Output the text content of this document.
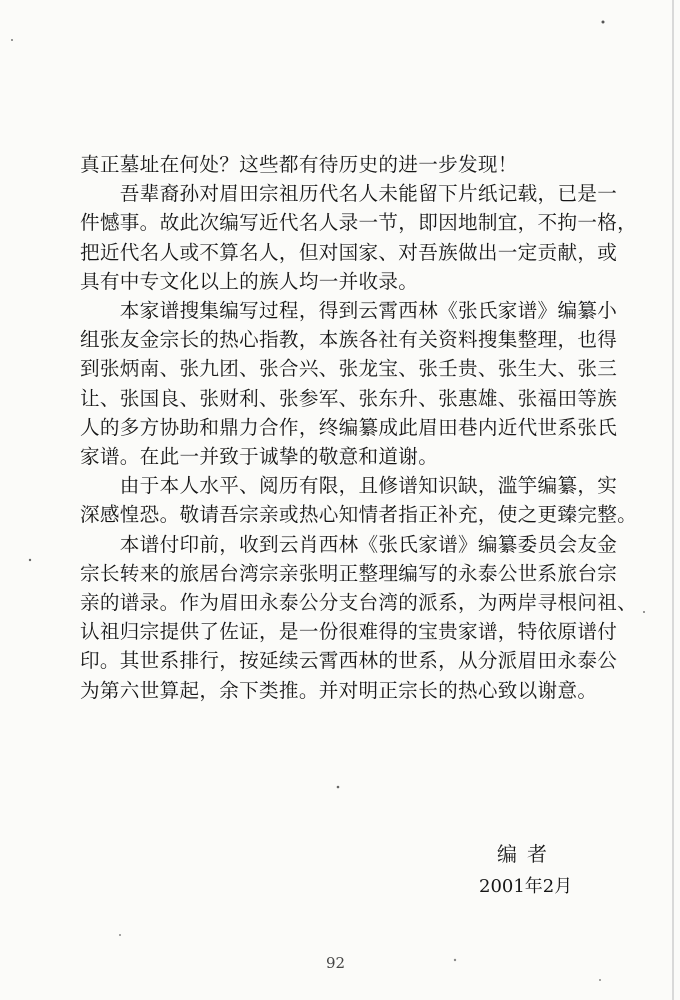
真正墓址在何处？这些都有待历史的进一步发现！
　　吾辈裔孙对眉田宗祖历代名人未能留下片纸记载，已是一
件憾事。故此次编写近代名人录一节，即因地制宜，不拘一格，
把近代名人或不算名人，但对国家、对吾族做出一定贡献，或
具有中专文化以上的族人均一并收录。
　　本家谱搜集编写过程，得到云霄西林《张氏家谱》编纂小
组张友金宗长的热心指教，本族各社有关资料搜集整理，也得
到张炳南、张九团、张合兴、张龙宝、张壬贵、张生大、张三
让、张国良、张财利、张参军、张东升、张惠雄、张福田等族
人的多方协助和鼎力合作，终编纂成此眉田巷内近代世系张氏
家谱。在此一并致于诚挚的敬意和道谢。
　　由于本人水平、阅历有限，且修谱知识缺，滥竽编纂，实
深感惶恐。敬请吾宗亲或热心知情者指正补充，使之更臻完整。
　　本谱付印前，收到云肖西林《张氏家谱》编纂委员会友金
宗长转来的旅居台湾宗亲张明正整理编写的永泰公世系旅台宗
亲的谱录。作为眉田永泰公分支台湾的派系，为两岸寻根问祖、
认祖归宗提供了佐证，是一份很难得的宝贵家谱，特依原谱付
印。其世系排行，按延续云霄西林的世系，从分派眉田永泰公
为第六世算起，余下类推。并对明正宗长的热心致以谢意。
编者
2001年2月
92
